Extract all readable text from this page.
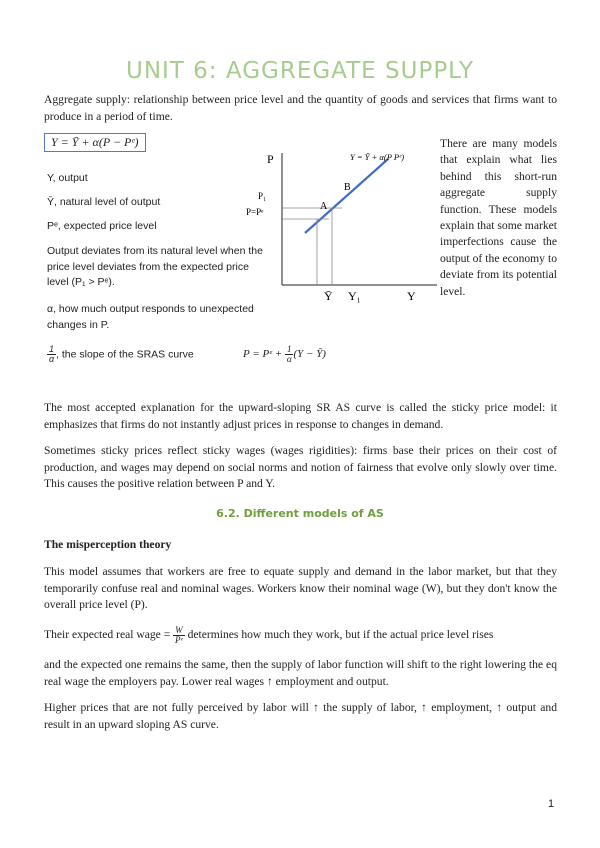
UNIT 6: AGGREGATE SUPPLY

Aggregate supply: relationship between price level and the quantity of goods and services that firms want to produce in a period of time.

Y = Ȳ + α(P − Pᵉ)
Y, output
Ȳ, natural level of output
Pᵉ, expected price level
Output deviates from its natural level when the price level deviates from the expected price level (P₁ > Pᵉ).
α, how much output responds to unexpected changes in P.
$\frac{1}{\alpha}$ , the slope of the SRAS curve	P = Pᵉ + $\frac{1}{\alpha} (Y$ − Ȳ)
P	Y = Ȳ + α(P Pᵉ)
P₁
P=Pᵉ	A
B
Ȳ Y₁	Y

There are many models that explain what lies behind this short-run aggregate supply function. These models explain that some market imperfections cause the output of the economy to deviate from its potential level.

The most accepted explanation for the upward-sloping SR AS curve is called the sticky price model: it emphasizes that firms do not instantly adjust prices in response to changes in demand.

Sometimes sticky prices reflect sticky wages (wages rigidities): firms base their prices on their cost of production, and wages may depend on social norms and notion of fairness that evolve only slowly over time. This causes the positive relation between P and Y.

6.2. Different models of AS
The misperception theory

This model assumes that workers are free to equate supply and demand in the labor market, but that they temporarily confuse real and nominal wages. Workers know their nominal wage (W), but they don't know the overall price level (P).

Their expected real wage = $\frac{W}{\text{Pᵉ}}$ determines how much they work, but if the actual price level rises

and the expected one remains the same, then the supply of labor function will shift to the right lowering the eq real wage the employers pay. Lower real wages ↑ employment and output.

Higher prices that are not fully perceived by labor will ↑ the supply of labor, ↑ employment, ↑ output and result in an upward sloping AS curve.

1
